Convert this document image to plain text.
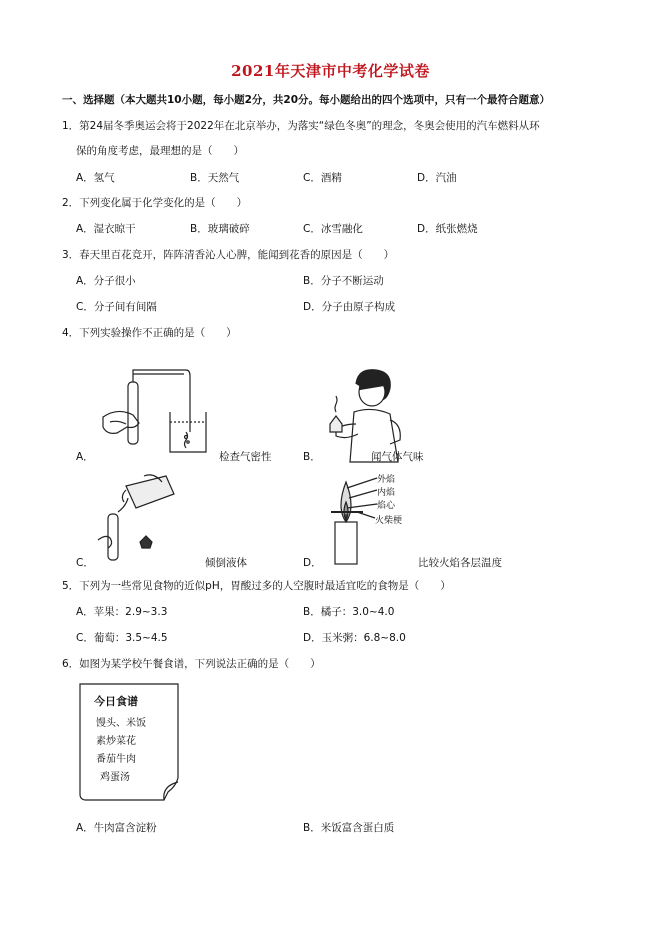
2021年天津市中考化学试卷
一、选择题（本大题共10小题，每小题2分，共20分。每小题给出的四个选项中，只有一个最符合题意）
1．第24届冬季奥运会将于2022年在北京举办，为落实“绿色冬奥”的理念，冬奥会使用的汽车燃料从环
保的角度考虑，最理想的是（　　）
A．氢气	B．天然气	C．酒精	D．汽油
2．下列变化属于化学变化的是（　　）
A．湿衣晾干	B．玻璃破碎	C．冰雪融化	D．纸张燃烧
3．春天里百花竞开，阵阵清香沁人心脾，能闻到花香的原因是（　　）
A．分子很小	B．分子不断运动
C．分子间有间隔	D．分子由原子构成
4．下列实验操作不正确的是（　　）
A．	检查气密性	B．	闻气体气味
C．	倾倒液体
外焰
内焰
焰心
火柴梗
D．	比较火焰各层温度
5．下列为一些常见食物的近似pH，胃酸过多的人空腹时最适宜吃的食物是（　　）
A．苹果：2.9~3.3	B．橘子：3.0~4.0
C．葡萄：3.5~4.5	D．玉米粥：6.8~8.0
6．如图为某学校午餐食谱，下列说法正确的是（　　）
今日食谱
馒头、米饭
素炒菜花
番茄牛肉
鸡蛋汤
A．牛肉富含淀粉	B．米饭富含蛋白质
